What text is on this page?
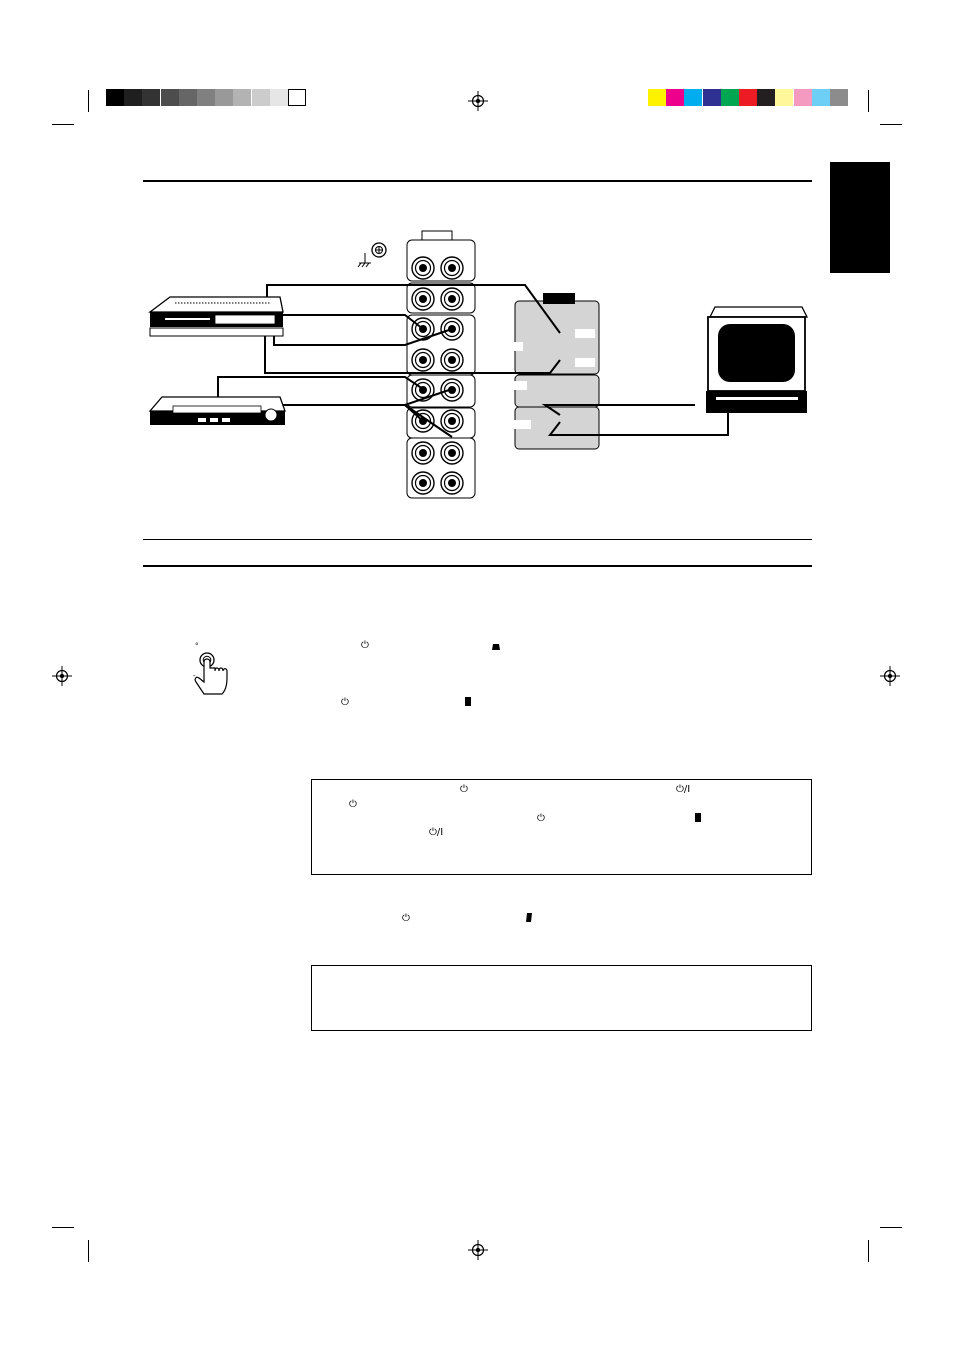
°
-
⏻
⏻
⏻	⏻/I
⏻
⏻
⏻/I
⏻
